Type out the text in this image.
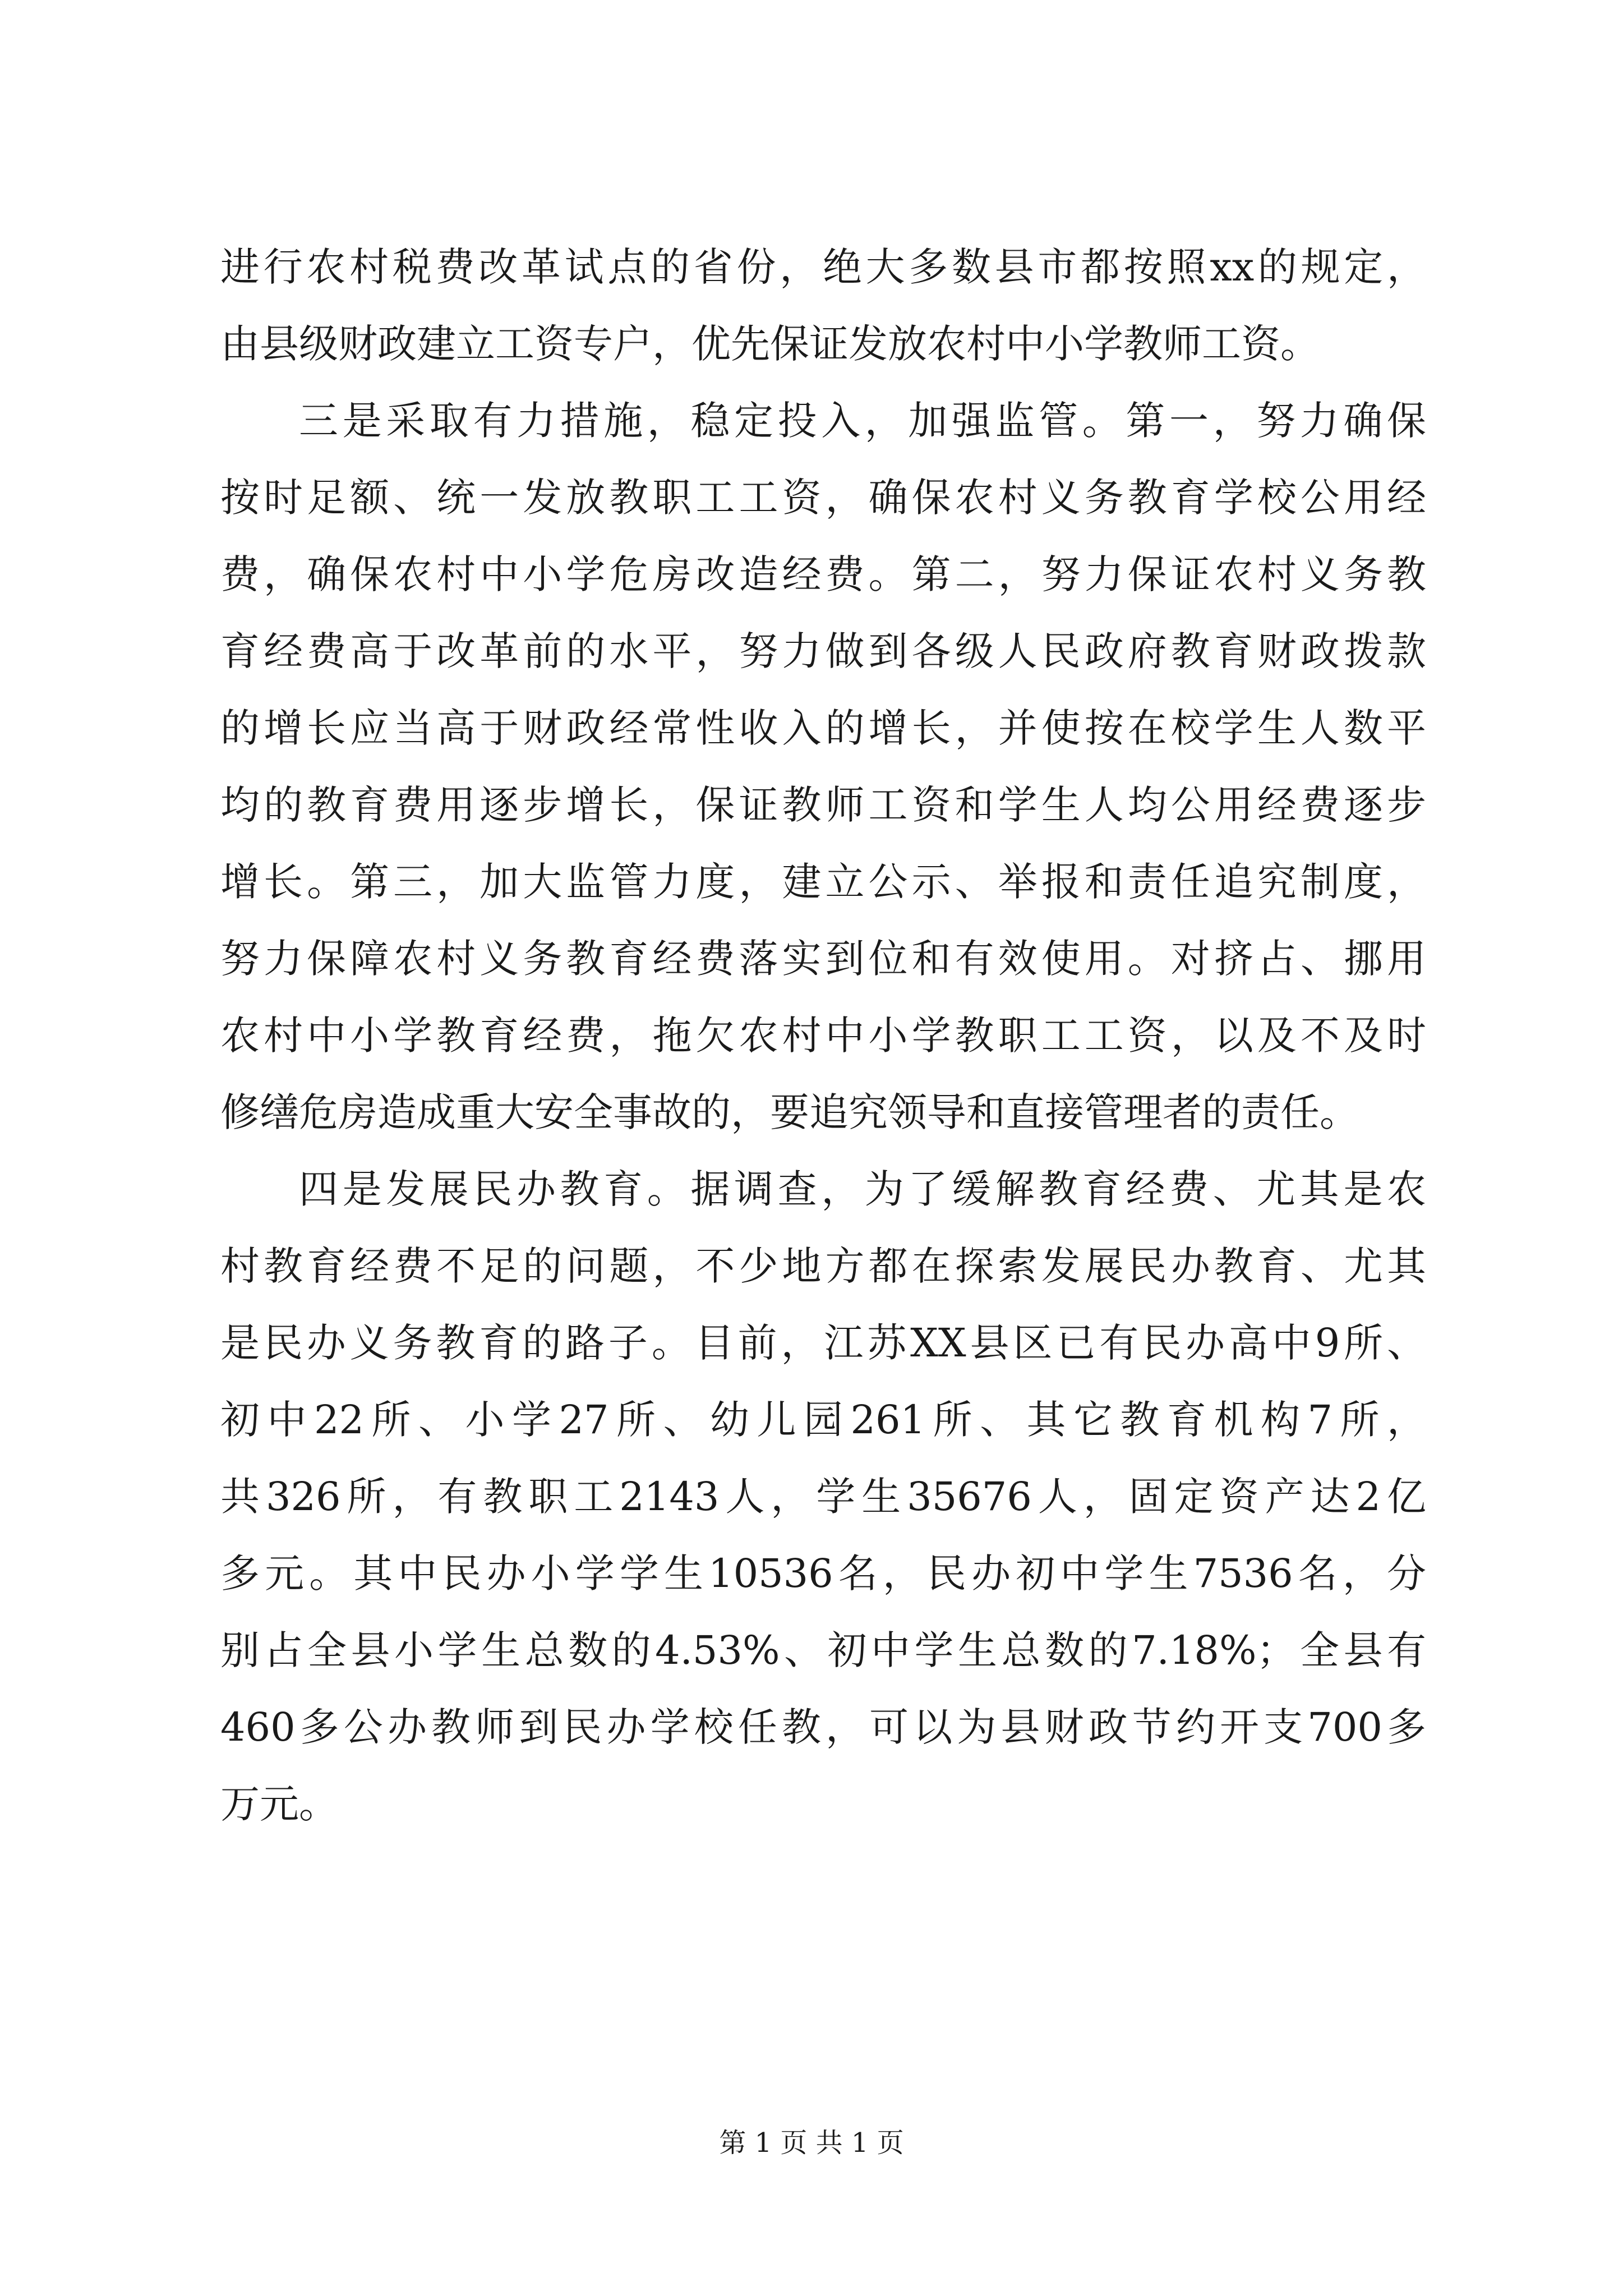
进行农村税费改革试点的省份，绝大多数县市都按照xx的规定，
由县级财政建立工资专户，优先保证发放农村中小学教师工资。
三是采取有力措施，稳定投入，加强监管。第一，努力确保
按时足额、统一发放教职工工资，确保农村义务教育学校公用经
费，确保农村中小学危房改造经费。第二，努力保证农村义务教
育经费高于改革前的水平，努力做到各级人民政府教育财政拨款
的增长应当高于财政经常性收入的增长，并使按在校学生人数平
均的教育费用逐步增长，保证教师工资和学生人均公用经费逐步
增长。第三，加大监管力度，建立公示、举报和责任追究制度，
努力保障农村义务教育经费落实到位和有效使用。对挤占、挪用
农村中小学教育经费，拖欠农村中小学教职工工资，以及不及时
修缮危房造成重大安全事故的，要追究领导和直接管理者的责任。
四是发展民办教育。据调查，为了缓解教育经费、尤其是农
村教育经费不足的问题，不少地方都在探索发展民办教育、尤其
是民办义务教育的路子。目前，江苏XX县区已有民办高中9所、
初中22所、小学27所、幼儿园261所、其它教育机构7所，
共326所，有教职工2143人，学生35676人，固定资产达2亿
多元。其中民办小学学生10536名，民办初中学生7536名，分
别占全县小学生总数的4.53%、初中学生总数的7.18%；全县有
460多公办教师到民办学校任教，可以为县财政节约开支700多
万元。
第 1 页 共 1 页
